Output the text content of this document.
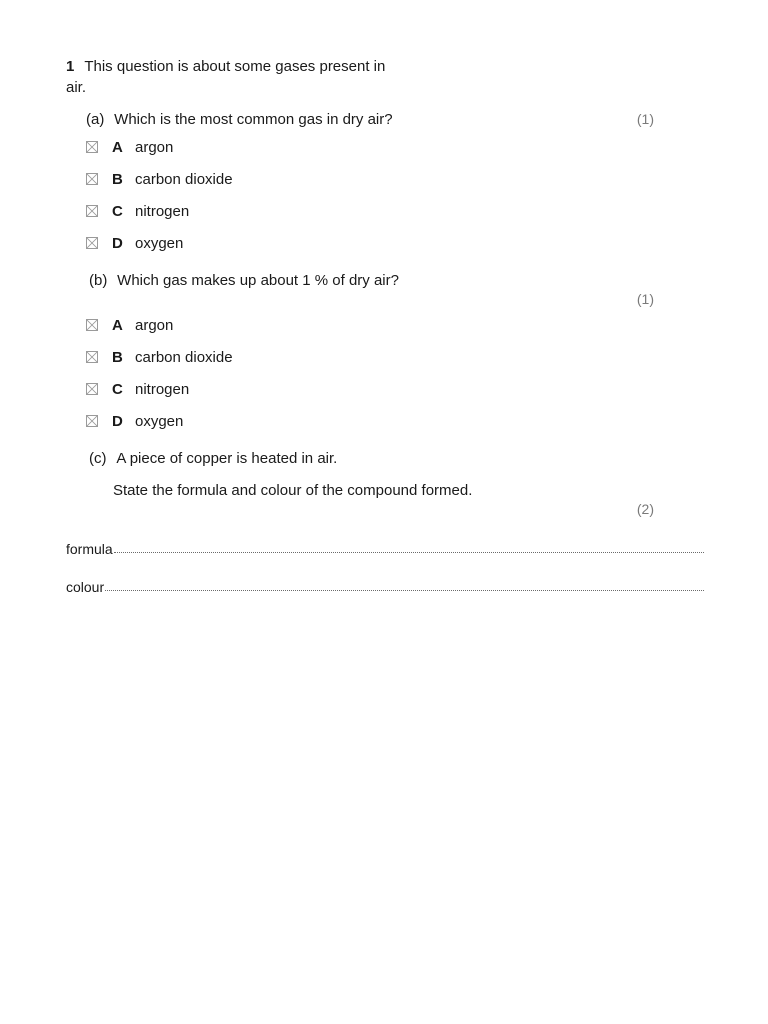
1 This question is about some gases present in air.
(a) Which is the most common gas in dry air?	(1)
A argon
B carbon dioxide
C nitrogen
D oxygen
(b) Which gas makes up about 1 % of dry air?
(1)
A argon
B carbon dioxide
C nitrogen
D oxygen
(c) A piece of copper is heated in air.
State the formula and colour of the compound formed.
(2)
formula
colour
